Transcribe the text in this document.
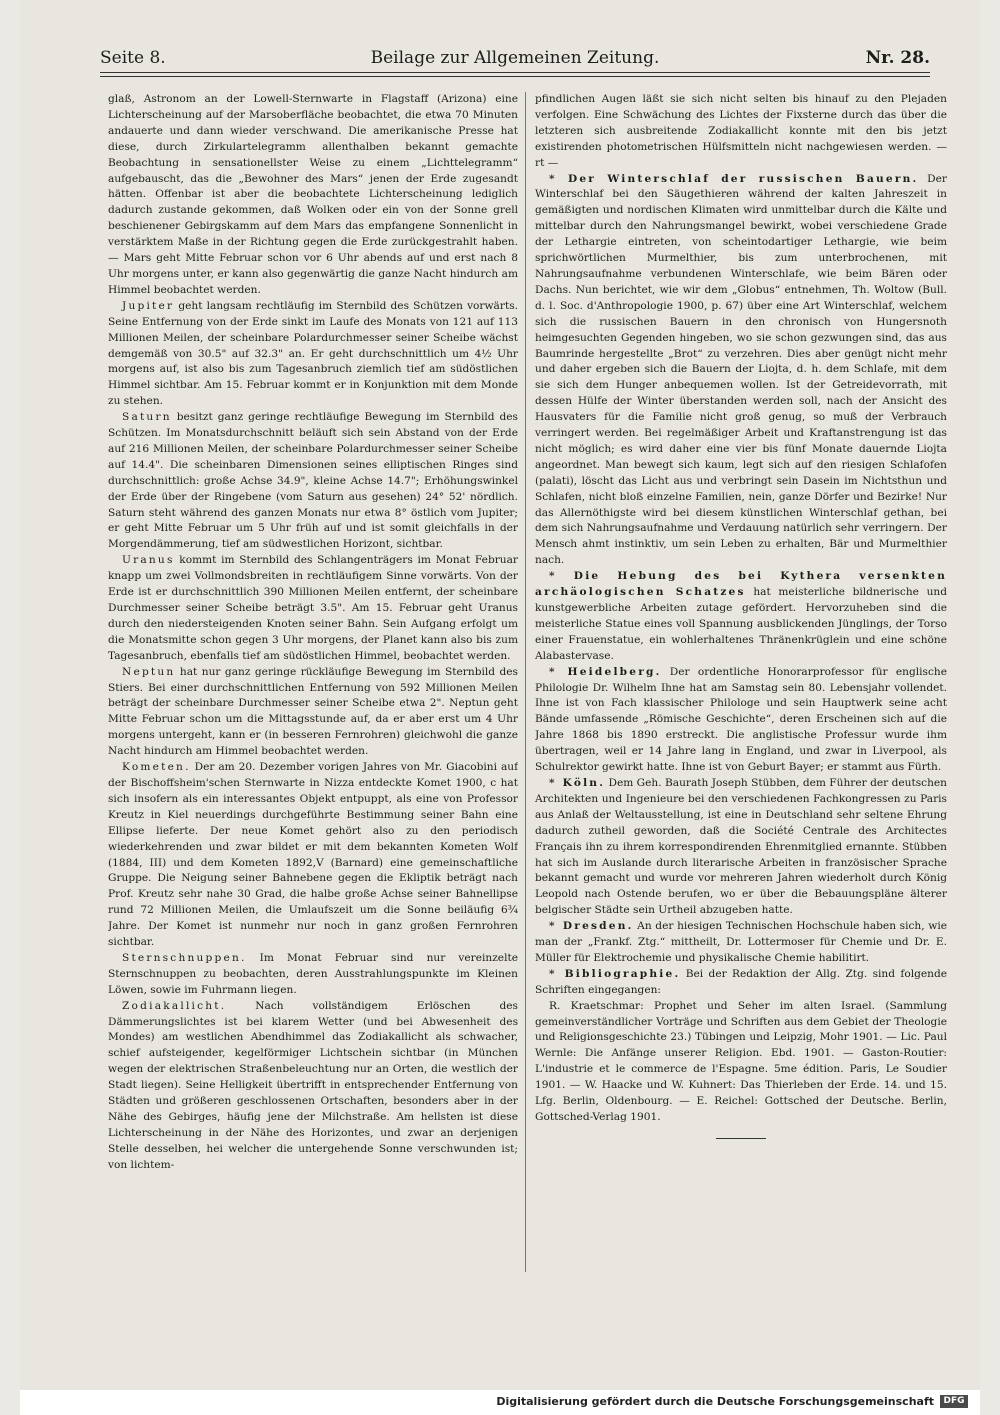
Seite 8.	Beilage zur Allgemeinen Zeitung.	Nr. 28.

glaß, Astronom an der Lowell-Sternwarte in Flagstaff (Arizona) eine Lichterscheinung auf der Marsoberfläche beobachtet, die etwa 70 Minuten andauerte und dann wieder verschwand. Die amerikanische Presse hat diese, durch Zirkulartelegramm allenthalben bekannt gemachte Beobachtung in sensationellster Weise zu einem „Lichttelegramm“ aufgebauscht, das die „Bewohner des Mars“ jenen der Erde zugesandt hätten. Offenbar ist aber die beobachtete Lichterscheinung lediglich dadurch zustande gekommen, daß Wolken oder ein von der Sonne grell beschienener Gebirgskamm auf dem Mars das empfangene Sonnenlicht in verstärktem Maße in der Richtung gegen die Erde zurückgestrahlt haben. — Mars geht Mitte Februar schon vor 6 Uhr abends auf und erst nach 8 Uhr morgens unter, er kann also gegenwärtig die ganze Nacht hindurch am Himmel beobachtet werden.

Jupiter geht langsam rechtläufig im Sternbild des Schützen vorwärts. Seine Entfernung von der Erde sinkt im Laufe des Monats von 121 auf 113 Millionen Meilen, der scheinbare Polardurchmesser seiner Scheibe wächst demgemäß von 30.5" auf 32.3" an. Er geht durchschnittlich um 4½ Uhr morgens auf, ist also bis zum Tagesanbruch ziemlich tief am südöstlichen Himmel sichtbar. Am 15. Februar kommt er in Konjunktion mit dem Monde zu stehen.

Saturn besitzt ganz geringe rechtläufige Bewegung im Sternbild des Schützen. Im Monatsdurchschnitt beläuft sich sein Abstand von der Erde auf 216 Millionen Meilen, der scheinbare Polardurchmesser seiner Scheibe auf 14.4". Die scheinbaren Dimensionen seines elliptischen Ringes sind durchschnittlich: große Achse 34.9", kleine Achse 14.7"; Erhöhungswinkel der Erde über der Ringebene (vom Saturn aus gesehen) 24° 52' nördlich. Saturn steht während des ganzen Monats nur etwa 8° östlich vom Jupiter; er geht Mitte Februar um 5 Uhr früh auf und ist somit gleichfalls in der Morgendämmerung, tief am südwestlichen Horizont, sichtbar.

Uranus kommt im Sternbild des Schlangenträgers im Monat Februar knapp um zwei Vollmondsbreiten in rechtläufigem Sinne vorwärts. Von der Erde ist er durchschnittlich 390 Millionen Meilen entfernt, der scheinbare Durchmesser seiner Scheibe beträgt 3.5". Am 15. Februar geht Uranus durch den niedersteigenden Knoten seiner Bahn. Sein Aufgang erfolgt um die Monatsmitte schon gegen 3 Uhr morgens, der Planet kann also bis zum Tagesanbruch, ebenfalls tief am südöstlichen Himmel, beobachtet werden.

Neptun hat nur ganz geringe rückläufige Bewegung im Sternbild des Stiers. Bei einer durchschnittlichen Entfernung von 592 Millionen Meilen beträgt der scheinbare Durchmesser seiner Scheibe etwa 2". Neptun geht Mitte Februar schon um die Mittagsstunde auf, da er aber erst um 4 Uhr morgens untergeht, kann er (in besseren Fernrohren) gleichwohl die ganze Nacht hindurch am Himmel beobachtet werden.

Kometen. Der am 20. Dezember vorigen Jahres von Mr. Giacobini auf der Bischoffsheim'schen Sternwarte in Nizza entdeckte Komet 1900, c hat sich insofern als ein interessantes Objekt entpuppt, als eine von Professor Kreutz in Kiel neuerdings durchgeführte Bestimmung seiner Bahn eine Ellipse lieferte. Der neue Komet gehört also zu den periodisch wiederkehrenden und zwar bildet er mit dem bekannten Kometen Wolf (1884, III) und dem Kometen 1892,V (Barnard) eine gemeinschaftliche Gruppe. Die Neigung seiner Bahnebene gegen die Ekliptik beträgt nach Prof. Kreutz sehr nahe 30 Grad, die halbe große Achse seiner Bahnellipse rund 72 Millionen Meilen, die Umlaufszeit um die Sonne beiläufig 6¾ Jahre. Der Komet ist nunmehr nur noch in ganz großen Fernrohren sichtbar.

Sternschnuppen. Im Monat Februar sind nur vereinzelte Sternschnuppen zu beobachten, deren Ausstrahlungspunkte im Kleinen Löwen, sowie im Fuhrmann liegen.

Zodiakallicht. Nach vollständigem Erlöschen des Dämmerungslichtes ist bei klarem Wetter (und bei Abwesenheit des Mondes) am westlichen Abendhimmel das Zodiakallicht als schwacher, schief aufsteigender, kegelförmiger Lichtschein sichtbar (in München wegen der elektrischen Straßenbeleuchtung nur an Orten, die westlich der Stadt liegen). Seine Helligkeit übertrifft in entsprechender Entfernung von Städten und größeren geschlossenen Ortschaften, besonders aber in der Nähe des Gebirges, häufig jene der Milchstraße. Am hellsten ist diese Lichterscheinung in der Nähe des Horizontes, und zwar an derjenigen Stelle desselben, hei welcher die untergehende Sonne verschwunden ist; von lichtem-

pfindlichen Augen läßt sie sich nicht selten bis hinauf zu den Plejaden verfolgen. Eine Schwächung des Lichtes der Fixsterne durch das über die letzteren sich ausbreitende Zodiakallicht konnte mit den bis jetzt existirenden photometrischen Hülfsmitteln nicht nachgewiesen werden. —rt —

* Der Winterschlaf der russischen Bauern. Der Winterschlaf bei den Säugethieren während der kalten Jahreszeit in gemäßigten und nordischen Klimaten wird unmittelbar durch die Kälte und mittelbar durch den Nahrungsmangel bewirkt, wobei verschiedene Grade der Lethargie eintreten, von scheintodartiger Lethargie, wie beim sprichwörtlichen Murmelthier, bis zum unterbrochenen, mit Nahrungsaufnahme verbundenen Winterschlafe, wie beim Bären oder Dachs. Nun berichtet, wie wir dem „Globus“ entnehmen, Th. Woltow (Bull. d. l. Soc. d'Anthropologie 1900, p. 67) über eine Art Winterschlaf, welchem sich die russischen Bauern in den chronisch von Hungersnoth heimgesuchten Gegenden hingeben, wo sie schon gezwungen sind, das aus Baumrinde hergestellte „Brot“ zu verzehren. Dies aber genügt nicht mehr und daher ergeben sich die Bauern der Liojta, d. h. dem Schlafe, mit dem sie sich dem Hunger anbequemen wollen. Ist der Getreidevorrath, mit dessen Hülfe der Winter überstanden werden soll, nach der Ansicht des Hausvaters für die Familie nicht groß genug, so muß der Verbrauch verringert werden. Bei regelmäßiger Arbeit und Kraftanstrengung ist das nicht möglich; es wird daher eine vier bis fünf Monate dauernde Liojta angeordnet. Man bewegt sich kaum, legt sich auf den riesigen Schlafofen (palati), löscht das Licht aus und verbringt sein Dasein im Nichtsthun und Schlafen, nicht bloß einzelne Familien, nein, ganze Dörfer und Bezirke! Nur das Allernöthigste wird bei diesem künstlichen Winterschlaf gethan, bei dem sich Nahrungsaufnahme und Verdauung natürlich sehr verringern. Der Mensch ahmt instinktiv, um sein Leben zu erhalten, Bär und Murmelthier nach.

* Die Hebung des bei Kythera versenkten archäologischen Schatzes hat meisterliche bildnerische und kunstgewerbliche Arbeiten zutage gefördert. Hervorzuheben sind die meisterliche Statue eines voll Spannung ausblickenden Jünglings, der Torso einer Frauenstatue, ein wohlerhaltenes Thränenkrüglein und eine schöne Alabastervase.

* Heidelberg. Der ordentliche Honorarprofessor für englische Philologie Dr. Wilhelm Ihne hat am Samstag sein 80. Lebensjahr vollendet. Ihne ist von Fach klassischer Philologe und sein Hauptwerk seine acht Bände umfassende „Römische Geschichte“, deren Erscheinen sich auf die Jahre 1868 bis 1890 erstreckt. Die anglistische Professur wurde ihm übertragen, weil er 14 Jahre lang in England, und zwar in Liverpool, als Schulrektor gewirkt hatte. Ihne ist von Geburt Bayer; er stammt aus Fürth.

* Köln. Dem Geh. Baurath Joseph Stübben, dem Führer der deutschen Architekten und Ingenieure bei den verschiedenen Fachkongressen zu Paris aus Anlaß der Weltausstellung, ist eine in Deutschland sehr seltene Ehrung dadurch zutheil geworden, daß die Société Centrale des Architectes Français ihn zu ihrem korrespondirenden Ehrenmitglied ernannte. Stübben hat sich im Auslande durch literarische Arbeiten in französischer Sprache bekannt gemacht und wurde vor mehreren Jahren wiederholt durch König Leopold nach Ostende berufen, wo er über die Bebauungspläne älterer belgischer Städte sein Urtheil abzugeben hatte.

* Dresden. An der hiesigen Technischen Hochschule haben sich, wie man der „Frankf. Ztg.“ mittheilt, Dr. Lottermoser für Chemie und Dr. E. Müller für Elektrochemie und physikalische Chemie habilitirt.

* Bibliographie. Bei der Redaktion der Allg. Ztg. sind folgende Schriften eingegangen:

R. Kraetschmar: Prophet und Seher im alten Israel. (Sammlung gemeinverständlicher Vorträge und Schriften aus dem Gebiet der Theologie und Religionsgeschichte 23.) Tübingen und Leipzig, Mohr 1901. — Lic. Paul Wernle: Die Anfänge unserer Religion. Ebd. 1901. — Gaston-Routier: L'industrie et le commerce de l'Espagne. 5me édition. Paris, Le Soudier 1901. — W. Haacke und W. Kuhnert: Das Thierleben der Erde. 14. und 15. Lfg. Berlin, Oldenbourg. — E. Reichel: Gottsched der Deutsche. Berlin, Gottsched-Verlag 1901.

Digitalisierung gefördert durch die Deutsche Forschungsgemeinschaft	DFG
